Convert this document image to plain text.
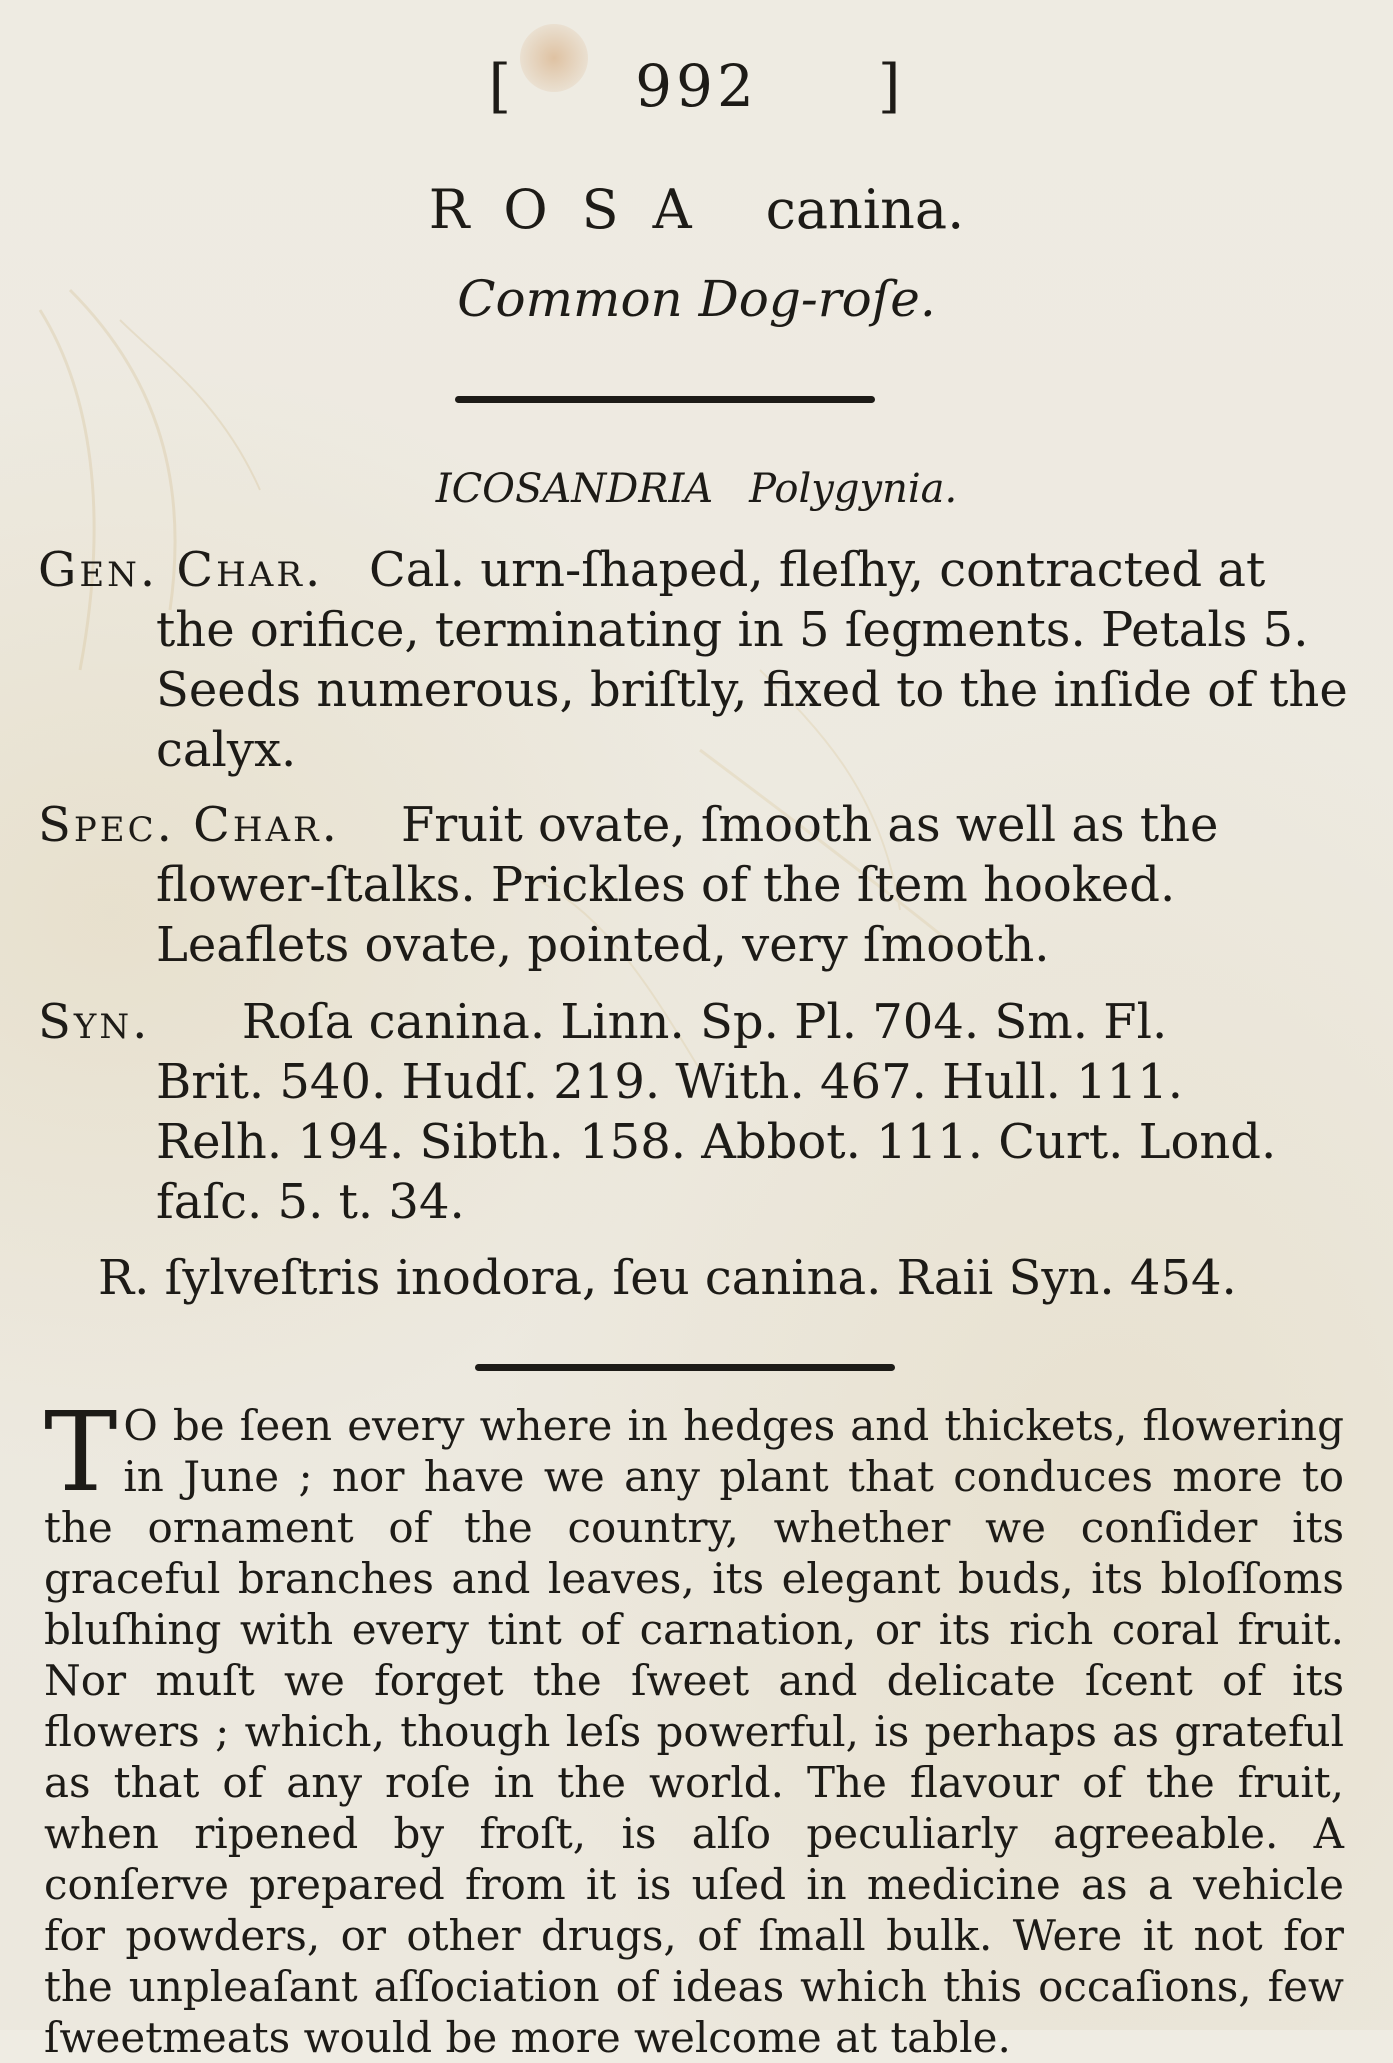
[ 992 ]
ROSA canina.
Common Dog-roſe.
ICOSANDRIA Polygynia.
Gen. Char. Cal. urn-ſhaped, fleſhy, contracted at
the orifice, terminating in 5 ſegments. Petals 5.
Seeds numerous, briſtly, fixed to the inſide of the
calyx.
Spec. Char. Fruit ovate, ſmooth as well as the
flower-ſtalks. Prickles of the ſtem hooked.
Leaflets ovate, pointed, very ſmooth.
Syn. Roſa canina. Linn. Sp. Pl. 704. Sm. Fl.
Brit. 540. Hudſ. 219. With. 467. Hull. 111.
Relh. 194. Sibth. 158. Abbot. 111. Curt. Lond.
faſc. 5. t. 34.
R. ſylveſtris inodora, ſeu canina. Raii Syn. 454.
T O be ſeen every where in hedges and thickets, flowering in June ; nor have we any plant that conduces more to the ornament of the country, whether we conſider its graceful branches and leaves, its elegant buds, its bloſſoms bluſhing with every tint of carnation, or its rich coral fruit. Nor muſt we forget the ſweet and delicate ſcent of its flowers ; which, though leſs powerful, is perhaps as grateful as that of any roſe in the world. The flavour of the fruit, when ripened by froſt, is alſo peculiarly agreeable. A conſerve prepared from it is uſed in medicine as a vehicle for powders, or other drugs, of ſmall bulk. Were it not for the unpleaſant aſſociation of ideas which this occaſions, few ſweetmeats would be more welcome at table.
